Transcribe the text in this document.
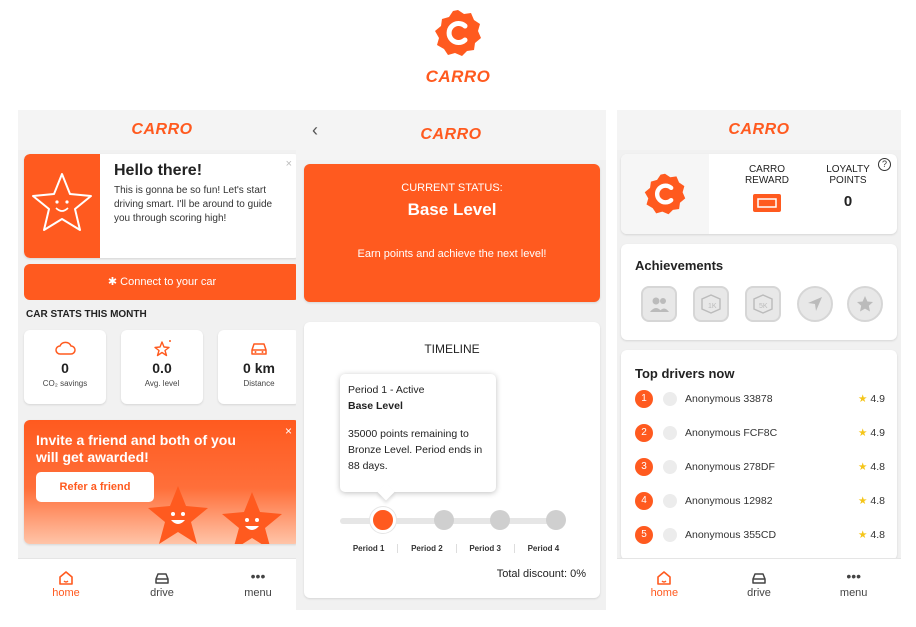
CARRO
CARRO
Hello there!
This is gonna be so fun! Let's start driving smart. I'll be around to guide you through scoring high!
×
✱ Connect to your car
CAR STATS THIS MONTH
0
CO₂ savings
0.0
Avg. level
0 km
Distance
Invite a friend and both of you will get awarded!
Refer a friend
×
home	drive
•••
menu
‹	CARRO
CURRENT STATUS:
Base Level
Earn points and achieve the next level!
TIMELINE
Period 1 - Active
Base Level
35000 points remaining to Bronze Level. Period ends in 88 days.
Period 1	Period 2	Period 3	Period 4
Total discount: 0%
CARRO
CARRO REWARD
LOYALTY POINTS
0
?
Achievements
1K	5K
Top drivers now
1	Anonymous 33878	★ 4.9
2	Anonymous FCF8C	★ 4.9
3	Anonymous 278DF	★ 4.8
4	Anonymous 12982	★ 4.8
5	Anonymous 355CD	★ 4.8
home	drive
•••
menu
